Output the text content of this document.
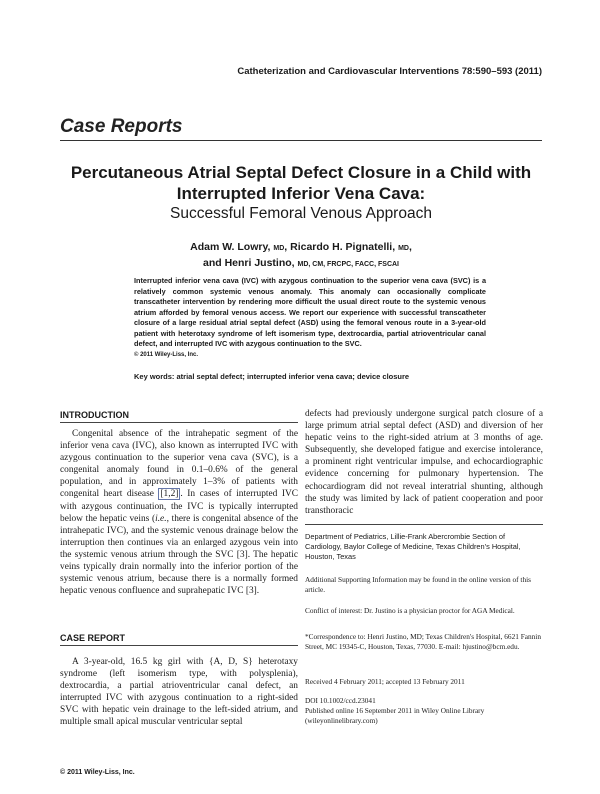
Catheterization and Cardiovascular Interventions 78:590–593 (2011)
Case Reports
Percutaneous Atrial Septal Defect Closure in a Child with Interrupted Inferior Vena Cava:
Successful Femoral Venous Approach
Adam W. Lowry, MD, Ricardo H. Pignatelli, MD,
and Henri Justino, MD, CM, FRCPC, FACC, FSCAI
Interrupted inferior vena cava (IVC) with azygous continuation to the superior vena cava (SVC) is a relatively common systemic venous anomaly. This anomaly can occasionally complicate transcatheter intervention by rendering more difficult the usual direct route to the systemic venous atrium afforded by femoral venous access. We report our experience with successful transcatheter closure of a large residual atrial septal defect (ASD) using the femoral venous route in a 3-year-old patient with heterotaxy syndrome of left isomerism type, dextrocardia, partial atrioventricular canal defect, and interrupted IVC with azygous continuation to the SVC.
© 2011 Wiley-Liss, Inc.
Key words: atrial septal defect; interrupted inferior vena cava; device closure
INTRODUCTION
Congenital absence of the intrahepatic segment of the inferior vena cava (IVC), also known as interrupted IVC with azygous continuation to the superior vena cava (SVC), is a congenital anomaly found in 0.1–0.6% of the general population, and in approximately 1–3% of patients with congenital heart disease [1,2] . In cases of interrupted IVC with azygous continuation, the IVC is typically interrupted below the hepatic veins (i.e., there is congenital absence of the intrahepatic IVC), and the systemic venous drainage below the interruption then continues via an enlarged azygous vein into the systemic venous atrium through the SVC [3]. The hepatic veins typically drain normally into the inferior portion of the systemic venous atrium, because there is a normally formed hepatic venous confluence and suprahepatic IVC [3].
CASE REPORT
A 3-year-old, 16.5 kg girl with {A, D, S} heterotaxy syndrome (left isomerism type, with polysplenia), dextrocardia, a partial atrioventricular canal defect, an interrupted IVC with azygous continuation to a right-sided SVC with hepatic vein drainage to the left-sided atrium, and multiple small apical muscular ventricular septal
defects had previously undergone surgical patch closure of a large primum atrial septal defect (ASD) and diversion of her hepatic veins to the right-sided atrium at 3 months of age. Subsequently, she developed fatigue and exercise intolerance, a prominent right ventricular impulse, and echocardiographic evidence concerning for pulmonary hypertension. The echocardiogram did not reveal interatrial shunting, although the study was limited by lack of patient cooperation and poor transthoracic
Department of Pediatrics, Lillie-Frank Abercrombie Section of Cardiology, Baylor College of Medicine, Texas Children's Hospital, Houston, Texas
Additional Supporting Information may be found in the online version of this article.
Conflict of interest: Dr. Justino is a physician proctor for AGA Medical.
*Correspondence to: Henri Justino, MD; Texas Children's Hospital, 6621 Fannin Street, MC 19345-C, Houston, Texas, 77030. E-mail: hjustino@bcm.edu.
Received 4 February 2011; accepted 13 February 2011
DOI 10.1002/ccd.23041
Published online 16 September 2011 in Wiley Online Library (wileyonlinelibrary.com)
© 2011 Wiley-Liss, Inc.
